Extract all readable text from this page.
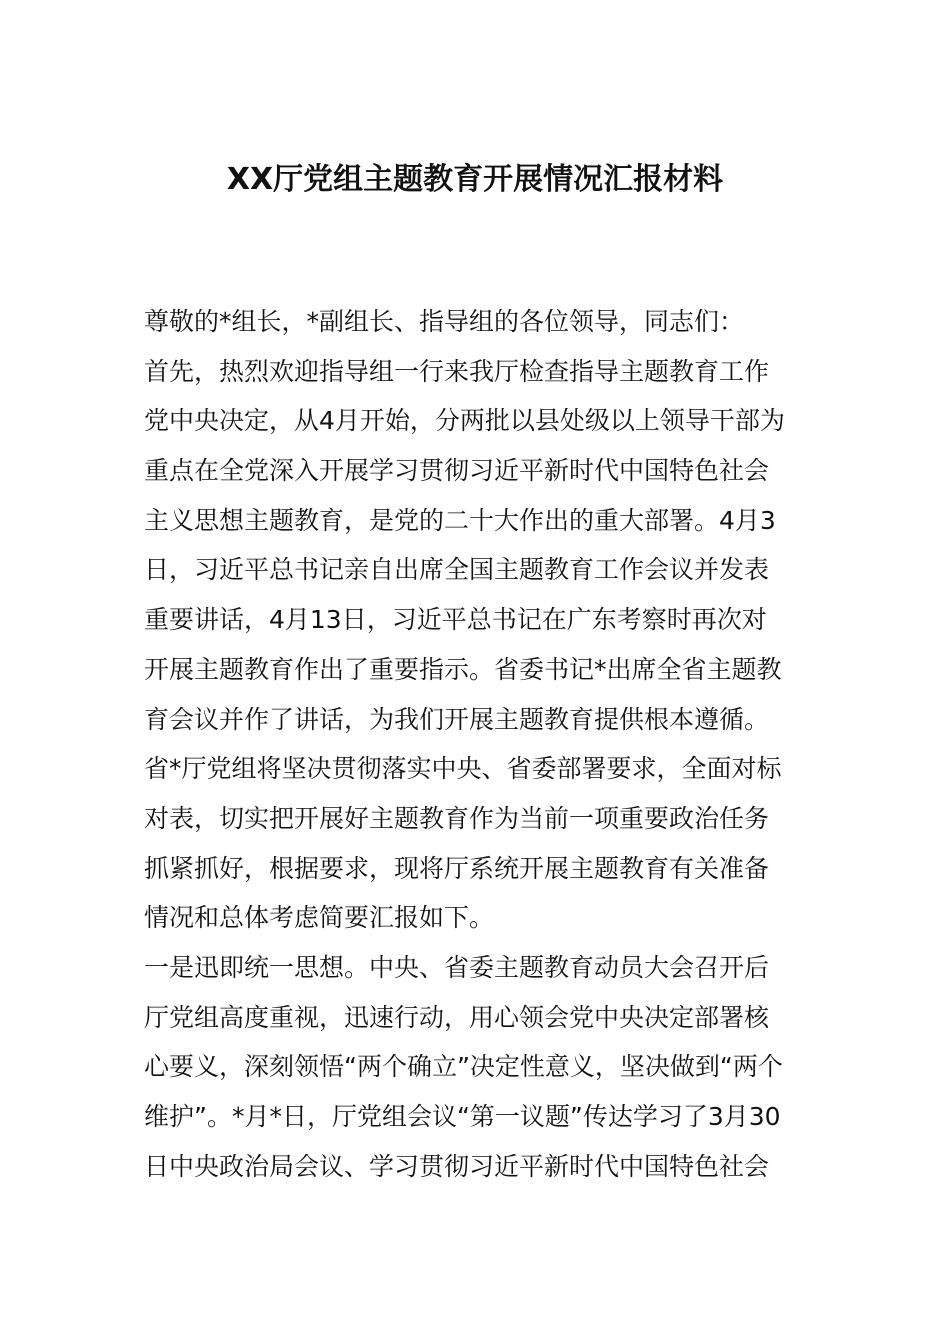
XX厅党组主题教育开展情况汇报材料

尊敬的*组长，*副组长、指导组的各位领导，同志们：

首先，热烈欢迎指导组一行来我厅检查指导主题教育工作

党中央决定，从4月开始，分两批以县处级以上领导干部为

重点在全党深入开展学习贯彻习近平新时代中国特色社会

主义思想主题教育，是党的二十大作出的重大部署。4月3

日，习近平总书记亲自出席全国主题教育工作会议并发表

重要讲话，4月13日，习近平总书记在广东考察时再次对

开展主题教育作出了重要指示。省委书记*出席全省主题教

育会议并作了讲话，为我们开展主题教育提供根本遵循。

省*厅党组将坚决贯彻落实中央、省委部署要求，全面对标

对表，切实把开展好主题教育作为当前一项重要政治任务

抓紧抓好，根据要求，现将厅系统开展主题教育有关准备

情况和总体考虑简要汇报如下。

一是迅即统一思想。中央、省委主题教育动员大会召开后

厅党组高度重视，迅速行动，用心领会党中央决定部署核

心要义，深刻领悟“两个确立”决定性意义，坚决做到“两个

维护”。*月*日，厅党组会议“第一议题”传达学习了3月30

日中央政治局会议、学习贯彻习近平新时代中国特色社会
